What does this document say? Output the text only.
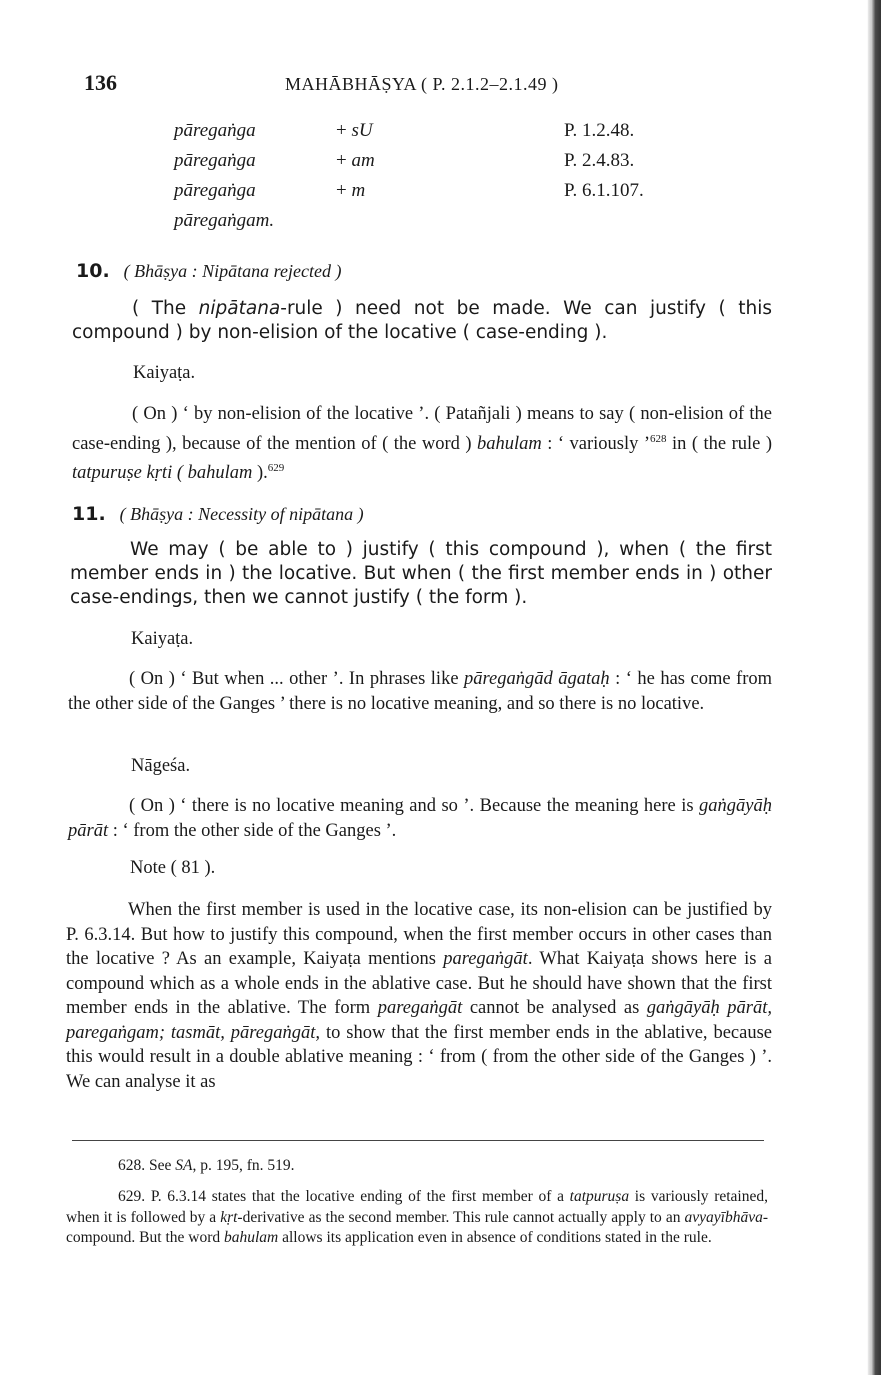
136	MAHĀBHĀṢYA ( P. 2.1.2–2.1.49 )
pāregaṅga	+ sU	P. 1.2.48.
pāregaṅga	+ am	P. 2.4.83.
pāregaṅga	+ m	P. 6.1.107.
pāregaṅgam.
10. ( Bhāṣya : Nipātana rejected )
( The nipātana-rule ) need not be made. We can justify ( this compound ) by non-elision of the locative ( case-ending ).
Kaiyaṭa.
( On ) ‘ by non-elision of the locative ’. ( Patañjali ) means to say ( non-elision of the case-ending ), because of the mention of ( the word ) bahulam : ‘ variously ’$^{628}$ in ( the rule ) tatpuruṣe kṛti ( bahulam ).$^{629}$
11. ( Bhāṣya : Necessity of nipātana )
We may ( be able to ) justify ( this compound ), when ( the first member ends in ) the locative. But when ( the first member ends in ) other case-endings, then we cannot justify ( the form ).
Kaiyaṭa.
( On ) ‘ But when ... other ’. In phrases like pāregaṅgād āgataḥ : ‘ he has come from the other side of the Ganges ’ there is no locative meaning, and so there is no locative.
Nāgeśa.
( On ) ‘ there is no locative meaning and so ’. Because the meaning here is gaṅgāyāḥ pārāt : ‘ from the other side of the Ganges ’.
Note ( 81 ).
When the first member is used in the locative case, its non-elision can be justified by P. 6.3.14. But how to justify this compound, when the first member occurs in other cases than the locative ? As an example, Kaiyaṭa mentions paregaṅgāt. What Kaiyaṭa shows here is a compound which as a whole ends in the ablative case. But he should have shown that the first member ends in the ablative. The form paregaṅgāt cannot be analysed as gaṅgāyāḥ pārāt, paregaṅgam; tasmāt, pāregaṅgāt, to show that the first member ends in the ablative, because this would result in a double ablative meaning : ‘ from ( from the other side of the Ganges ) ’. We can analyse it as
628. See SA, p. 195, fn. 519.
629. P. 6.3.14 states that the locative ending of the first member of a tatpuruṣa is variously retained, when it is followed by a kṛt-derivative as the second member. This rule cannot actually apply to an avyayībhāva-compound. But the word bahulam allows its application even in absence of conditions stated in the rule.
